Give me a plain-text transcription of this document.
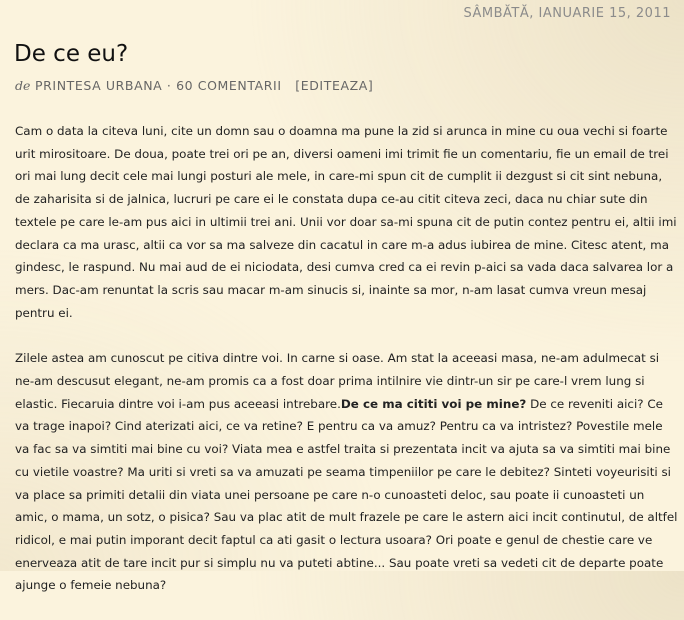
SÂMBĂTĂ, IANUARIE 15, 2011
De ce eu?
de PRINTESA URBANA · 60 COMENTARII [EDITEAZA]

Cam o data la citeva luni, cite un domn sau o doamna ma pune la zid si arunca in mine cu oua vechi si foarte urit mirositoare. De doua, poate trei ori pe an, diversi oameni imi trimit fie un comentariu, fie un email de trei ori mai lung decit cele mai lungi posturi ale mele, in care-mi spun cit de cumplit ii dezgust si cit sint nebuna, de zaharisita si de jalnica, lucruri pe care ei le constata dupa ce-au citit citeva zeci, daca nu chiar sute din textele pe care le-am pus aici in ultimii trei ani. Unii vor doar sa-mi spuna cit de putin contez pentru ei, altii imi declara ca ma urasc, altii ca vor sa ma salveze din cacatul in care m-a adus iubirea de mine. Citesc atent, ma gindesc, le raspund. Nu mai aud de ei niciodata, desi cumva cred ca ei revin p-aici sa vada daca salvarea lor a mers. Dac-am renuntat la scris sau macar m-am sinucis si, inainte sa mor, n-am lasat cumva vreun mesaj pentru ei.

Zilele astea am cunoscut pe citiva dintre voi. In carne si oase. Am stat la aceeasi masa, ne-am adulmecat si ne-am descusut elegant, ne-am promis ca a fost doar prima intilnire vie dintr-un sir pe care-l vrem lung si elastic. Fiecaruia dintre voi i-am pus aceeasi intrebare.De ce ma cititi voi pe mine? De ce reveniti aici? Ce va trage inapoi? Cind aterizati aici, ce va retine? E pentru ca va amuz? Pentru ca va intristez? Povestile mele va fac sa va simtiti mai bine cu voi? Viata mea e astfel traita si prezentata incit va ajuta sa va simtiti mai bine cu vietile voastre? Ma uriti si vreti sa va amuzati pe seama timpeniilor pe care le debitez? Sinteti voyeurisiti si va place sa primiti detalii din viata unei persoane pe care n-o cunoasteti deloc, sau poate ii cunoasteti un amic, o mama, un sotz, o pisica? Sau va plac atit de mult frazele pe care le astern aici incit continutul, de altfel ridicol, e mai putin imporant decit faptul ca ati gasit o lectura usoara? Ori poate e genul de chestie care ve enerveaza atit de tare incit pur si simplu nu va puteti abtine... Sau poate vreti sa vedeti cit de departe poate ajunge o femeie nebuna?
